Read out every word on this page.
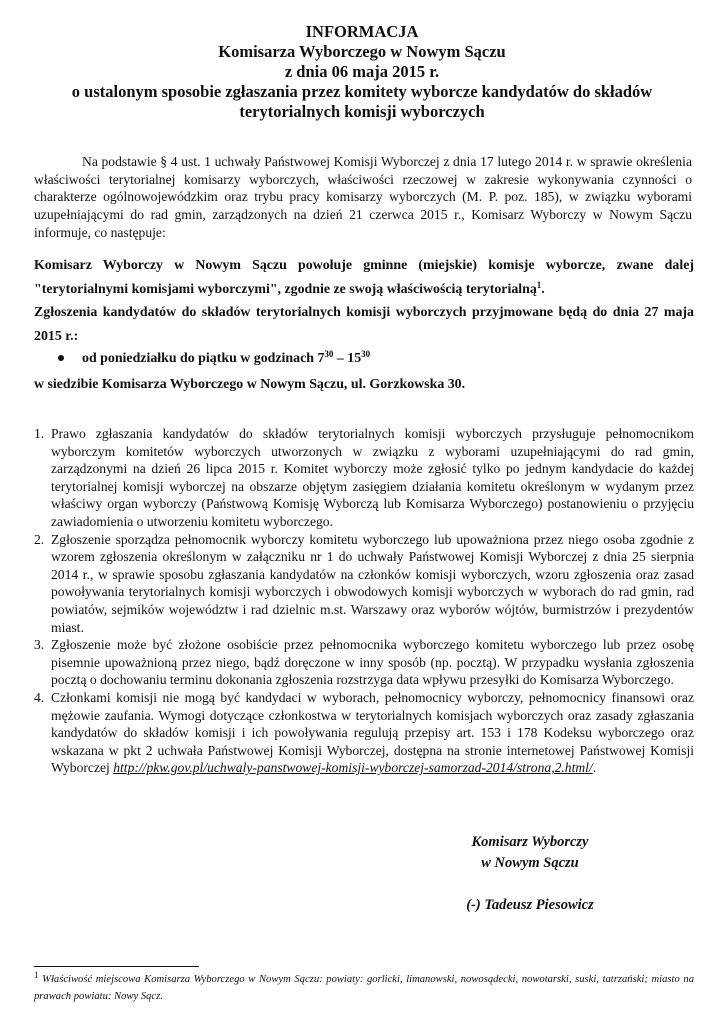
INFORMACJA
Komisarza Wyborczego w Nowym Sączu
z dnia 06 maja 2015 r.
o ustalonym sposobie zgłaszania przez komitety wyborcze kandydatów do składów
terytorialnych komisji wyborczych
Na podstawie § 4 ust. 1 uchwały Państwowej Komisji Wyborczej z dnia 17 lutego 2014 r. w sprawie określenia właściwości terytorialnej komisarzy wyborczych, właściwości rzeczowej w zakresie wykonywania czynności o charakterze ogólnowojewódzkim oraz trybu pracy komisarzy wyborczych (M. P. poz. 185), w związku wyborami uzupełniającymi do rad gmin, zarządzonych na dzień 21 czerwca 2015 r., Komisarz Wyborczy w Nowym Sączu informuje, co następuje:
Komisarz Wyborczy w Nowym Sączu powołuje gminne (miejskie) komisje wyborcze, zwane dalej "terytorialnymi komisjami wyborczymi", zgodnie ze swoją właściwością terytorialną$^1$.
Zgłoszenia kandydatów do składów terytorialnych komisji wyborczych przyjmowane będą do dnia 27 maja 2015 r.:
od poniedziałku do piątku w godzinach $7^{30} - 15^{30}$
w siedzibie Komisarza Wyborczego w Nowym Sączu, ul. Gorzkowska 30.
1. Prawo zgłaszania kandydatów do składów terytorialnych komisji wyborczych przysługuje pełnomocnikom wyborczym komitetów wyborczych utworzonych w związku z wyborami uzupełniającymi do rad gmin, zarządzonymi na dzień 26 lipca 2015 r. Komitet wyborczy może zgłosić tylko po jednym kandydacie do każdej terytorialnej komisji wyborczej na obszarze objętym zasięgiem działania komitetu określonym w wydanym przez właściwy organ wyborczy (Państwową Komisję Wyborczą lub Komisarza Wyborczego) postanowieniu o przyjęciu zawiadomienia o utworzeniu komitetu wyborczego.
2. Zgłoszenie sporządza pełnomocnik wyborczy komitetu wyborczego lub upoważniona przez niego osoba zgodnie z wzorem zgłoszenia określonym w załączniku nr 1 do uchwały Państwowej Komisji Wyborczej z dnia 25 sierpnia 2014 r., w sprawie sposobu zgłaszania kandydatów na członków komisji wyborczych, wzoru zgłoszenia oraz zasad powoływania terytorialnych komisji wyborczych i obwodowych komisji wyborczych w wyborach do rad gmin, rad powiatów, sejmików województw i rad dzielnic m.st. Warszawy oraz wyborów wójtów, burmistrzów i prezydentów miast.
3. Zgłoszenie może być złożone osobiście przez pełnomocnika wyborczego komitetu wyborczego lub przez osobę pisemnie upoważnioną przez niego, bądź doręczone w inny sposób (np. pocztą). W przypadku wysłania zgłoszenia pocztą o dochowaniu terminu dokonania zgłoszenia rozstrzyga data wpływu przesyłki do Komisarza Wyborczego.
4. Członkami komisji nie mogą być kandydaci w wyborach, pełnomocnicy wyborczy, pełnomocnicy finansowi oraz mężowie zaufania. Wymogi dotyczące członkostwa w terytorialnych komisjach wyborczych oraz zasady zgłaszania kandydatów do składów komisji i ich powoływania regulują przepisy art. 153 i 178 Kodeksu wyborczego oraz wskazana w pkt 2 uchwała Państwowej Komisji Wyborczej, dostępna na stronie internetowej Państwowej Komisji Wyborczej http://pkw.gov.pl/uchwaly-panstwowej-komisji-wyborczej-samorzad-2014/strona,2.html/.
Komisarz Wyborczy
w Nowym Sączu
(-) Tadeusz Piesowicz
$^1$ Właściwość miejscowa Komisarza Wyborczego w Nowym Sączu: powiaty: gorlicki, limanowski, nowosądecki, nowotarski, suski, tatrzański; miasto na prawach powiatu: Nowy Sącz.
